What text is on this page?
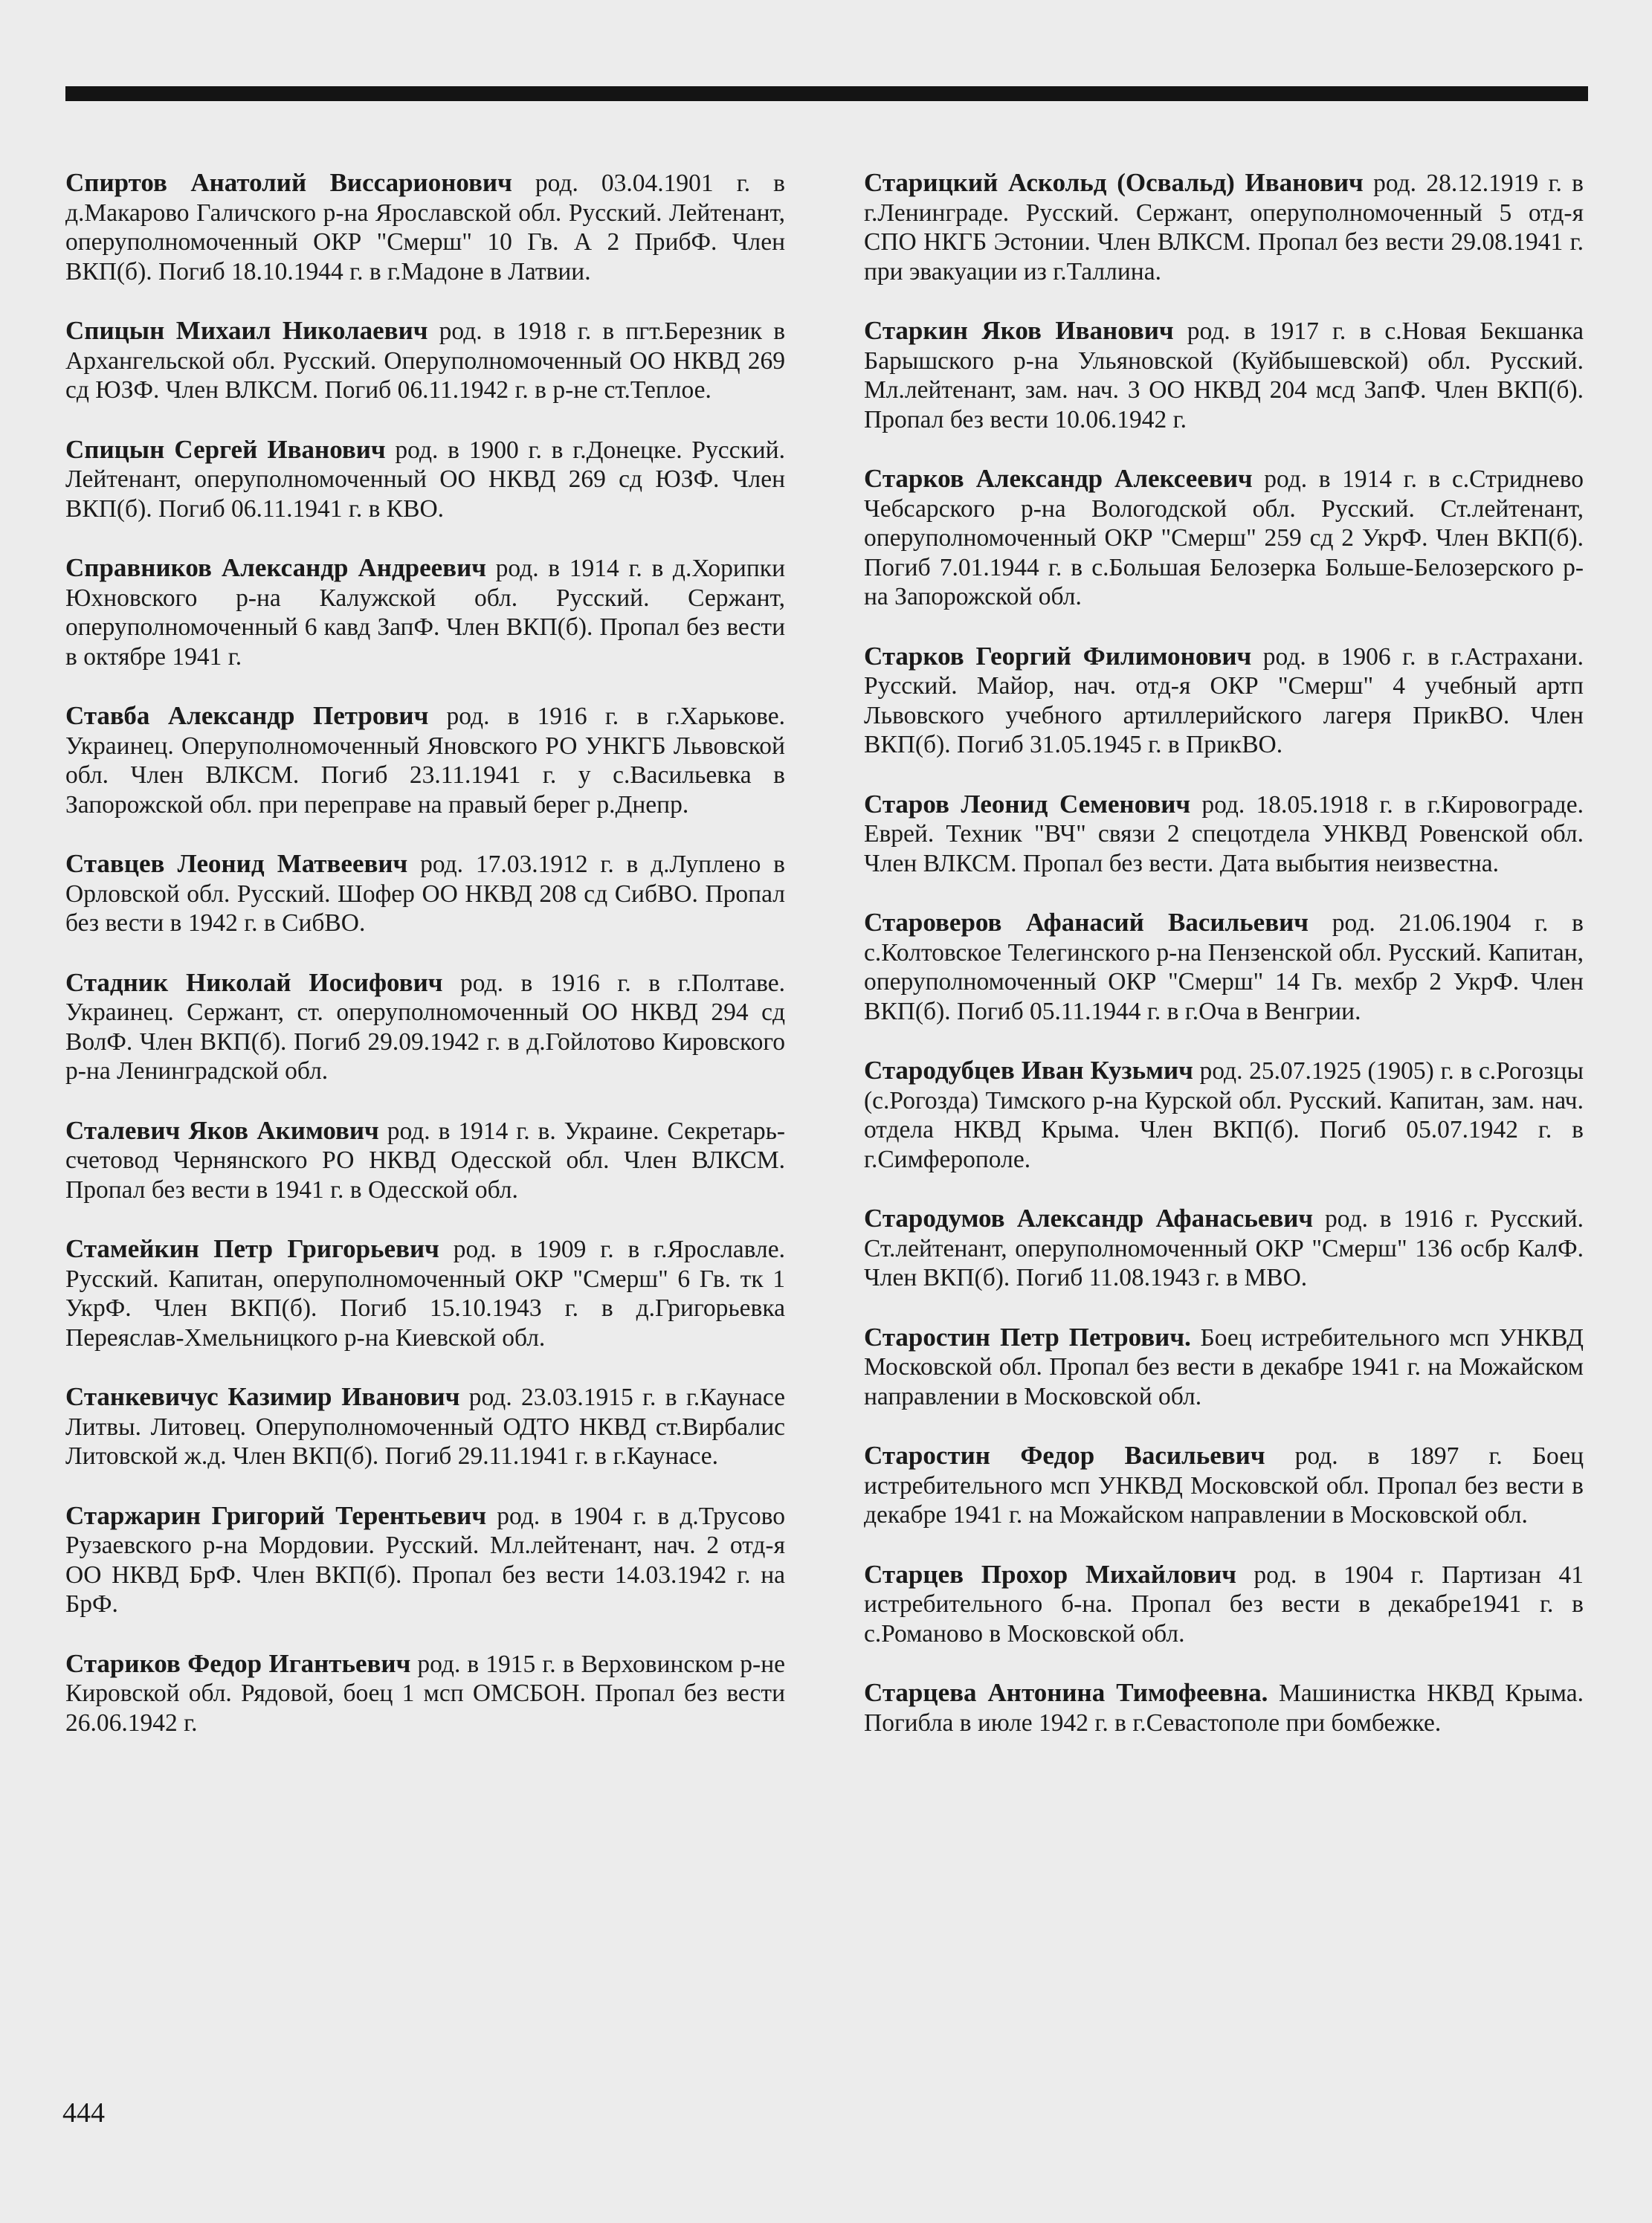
Спиртов Анатолий Виссарионович род. 03.04.1901 г. в д.Макарово Галичского р-на Ярославской обл. Русский. Лейтенант, оперуполномоченный ОКР "Смерш" 10 Гв. А 2 ПрибФ. Член ВКП(б). Погиб 18.10.1944 г. в г.Мадоне в Латвии.

Спицын Михаил Николаевич род. в 1918 г. в пгт.Березник в Архангельской обл. Русский. Оперуполномоченный ОО НКВД 269 сд ЮЗФ. Член ВЛКСМ. Погиб 06.11.1942 г. в р-не ст.Теплое.

Спицын Сергей Иванович род. в 1900 г. в г.Донецке. Русский. Лейтенант, оперуполномоченный ОО НКВД 269 сд ЮЗФ. Член ВКП(б). Погиб 06.11.1941 г. в КВО.

Справников Александр Андреевич род. в 1914 г. в д.Хорипки Юхновского р-на Калужской обл. Русский. Сержант, оперуполномоченный 6 кавд ЗапФ. Член ВКП(б). Пропал без вести в октябре 1941 г.

Ставба Александр Петрович род. в 1916 г. в г.Харькове. Украинец. Оперуполномоченный Яновского РО УНКГБ Львовской обл. Член ВЛКСМ. Погиб 23.11.1941 г. у с.Васильевка в Запорожской обл. при переправе на правый берег р.Днепр.

Ставцев Леонид Матвеевич род. 17.03.1912 г. в д.Луплено в Орловской обл. Русский. Шофер ОО НКВД 208 сд СибВО. Пропал без вести в 1942 г. в СибВО.

Стадник Николай Иосифович род. в 1916 г. в г.Полтаве. Украинец. Сержант, ст. оперуполномоченный ОО НКВД 294 сд ВолФ. Член ВКП(б). Погиб 29.09.1942 г. в д.Гойлотово Кировского р-на Ленинградской обл.

Сталевич Яков Акимович род. в 1914 г. в. Украине. Секретарь-счетовод Чернянского РО НКВД Одесской обл. Член ВЛКСМ. Пропал без вести в 1941 г. в Одесской обл.

Стамейкин Петр Григорьевич род. в 1909 г. в г.Ярославле. Русский. Капитан, оперуполномоченный ОКР "Смерш" 6 Гв. тк 1 УкрФ. Член ВКП(б). Погиб 15.10.1943 г. в д.Григорьевка Переяслав-Хмельницкого р-на Киевской обл.

Станкевичус Казимир Иванович род. 23.03.1915 г. в г.Каунасе Литвы. Литовец. Оперуполномоченный ОДТО НКВД ст.Вирбалис Литовской ж.д. Член ВКП(б). Погиб 29.11.1941 г. в г.Каунасе.

Старжарин Григорий Терентьевич род. в 1904 г. в д.Трусово Рузаевского р-на Мордовии. Русский. Мл.лейтенант, нач. 2 отд-я ОО НКВД БрФ. Член ВКП(б). Пропал без вести 14.03.1942 г. на БрФ.

Стариков Федор Игантьевич род. в 1915 г. в Верховинском р-не Кировской обл. Рядовой, боец 1 мсп ОМСБОН. Пропал без вести 26.06.1942 г.

Старицкий Аскольд (Освальд) Иванович род. 28.12.1919 г. в г.Ленинграде. Русский. Сержант, оперуполномоченный 5 отд-я СПО НКГБ Эстонии. Член ВЛКСМ. Пропал без вести 29.08.1941 г. при эвакуации из г.Таллина.

Старкин Яков Иванович род. в 1917 г. в с.Новая Бекшанка Барышского р-на Ульяновской (Куйбышевской) обл. Русский. Мл.лейтенант, зам. нач. 3 ОО НКВД 204 мсд ЗапФ. Член ВКП(б). Пропал без вести 10.06.1942 г.

Старков Александр Алексеевич род. в 1914 г. в с.Стриднево Чебсарского р-на Вологодской обл. Русский. Ст.лейтенант, оперуполномоченный ОКР "Смерш" 259 сд 2 УкрФ. Член ВКП(б). Погиб 7.01.1944 г. в с.Большая Белозерка Больше-Белозерского р-на Запорожской обл.

Старков Георгий Филимонович род. в 1906 г. в г.Астрахани. Русский. Майор, нач. отд-я ОКР "Смерш" 4 учебный артп Львовского учебного артиллерийского лагеря ПрикВО. Член ВКП(б). Погиб 31.05.1945 г. в ПрикВО.

Старов Леонид Семенович род. 18.05.1918 г. в г.Кировограде. Еврей. Техник "ВЧ" связи 2 спецотдела УНКВД Ровенской обл. Член ВЛКСМ. Пропал без вести. Дата выбытия неизвестна.

Староверов Афанасий Васильевич род. 21.06.1904 г. в с.Колтовское Телегинского р-на Пензенской обл. Русский. Капитан, оперуполномоченный ОКР "Смерш" 14 Гв. мехбр 2 УкрФ. Член ВКП(б). Погиб 05.11.1944 г. в г.Оча в Венгрии.

Стародубцев Иван Кузьмич род. 25.07.1925 (1905) г. в с.Рогозцы (с.Рогозда) Тимского р-на Курской обл. Русский. Капитан, зам. нач. отдела НКВД Крыма. Член ВКП(б). Погиб 05.07.1942 г. в г.Симферополе.

Стародумов Александр Афанасьевич род. в 1916 г. Русский. Ст.лейтенант, оперуполномоченный ОКР "Смерш" 136 осбр КалФ. Член ВКП(б). Погиб 11.08.1943 г. в МВО.

Старостин Петр Петрович. Боец истребительного мсп УНКВД Московской обл. Пропал без вести в декабре 1941 г. на Можайском направлении в Московской обл.

Старостин Федор Васильевич род. в 1897 г. Боец истребительного мсп УНКВД Московской обл. Пропал без вести в декабре 1941 г. на Можайском направлении в Московской обл.

Старцев Прохор Михайлович род. в 1904 г. Партизан 41 истребительного б-на. Пропал без вести в декабре1941 г. в с.Романово в Московской обл.

Старцева Антонина Тимофеевна. Машинистка НКВД Крыма. Погибла в июле 1942 г. в г.Севастополе при бомбежке.

444
